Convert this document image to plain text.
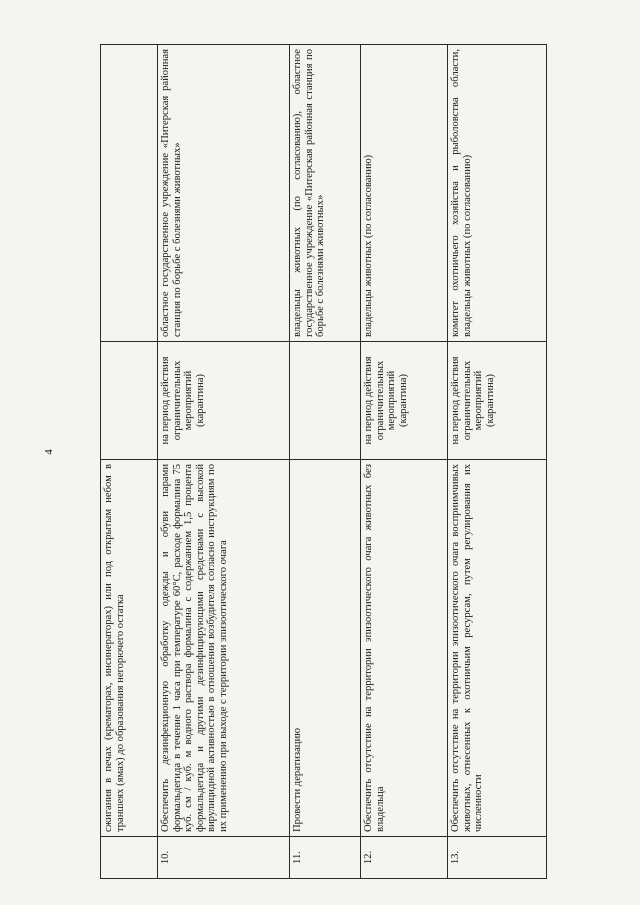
4
	сжигания в печах (крематорах, инсинераторах) или под открытым небом в траншеях (ямах) до образования негорючего остатка		
10.	Обеспечить дезинфекционную обработку одежды и обуви парами формальдегида в течение 1 часа при температуре 60°С, расходе формалина 75 куб. см / куб. м водного раствора формалина с содержанием 1,5 процента формальдегида и другими дезинфицирующими средствами с высокой вирулицидной активностью в отношении возбудителя согласно инструкциям по их применению при выходе с территории эпизоотического очага	на период действия ограничительных мероприятий (карантина)	областное государственное учреждение «Питерская районная станция по борьбе с болезнями животных»
11.	Провести дератизацию		владельцы животных (по согласованию), областное государственное учреждение «Питерская районная станция по борьбе с болезнями животных»
12.	Обеспечить отсутствие на территории эпизоотического очага животных без владельца	на период действия ограничительных мероприятий (карантина)	владельцы животных (по согласованию)
13.	Обеспечить отсутствие на территории эпизоотического очага восприимчивых животных, отнесенных к охотничьим ресурсам, путем регулирования их численности	на период действия ограничительных мероприятий (карантина)	комитет охотничьего хозяйства и рыболовства области, владельцы животных (по согласованию)
